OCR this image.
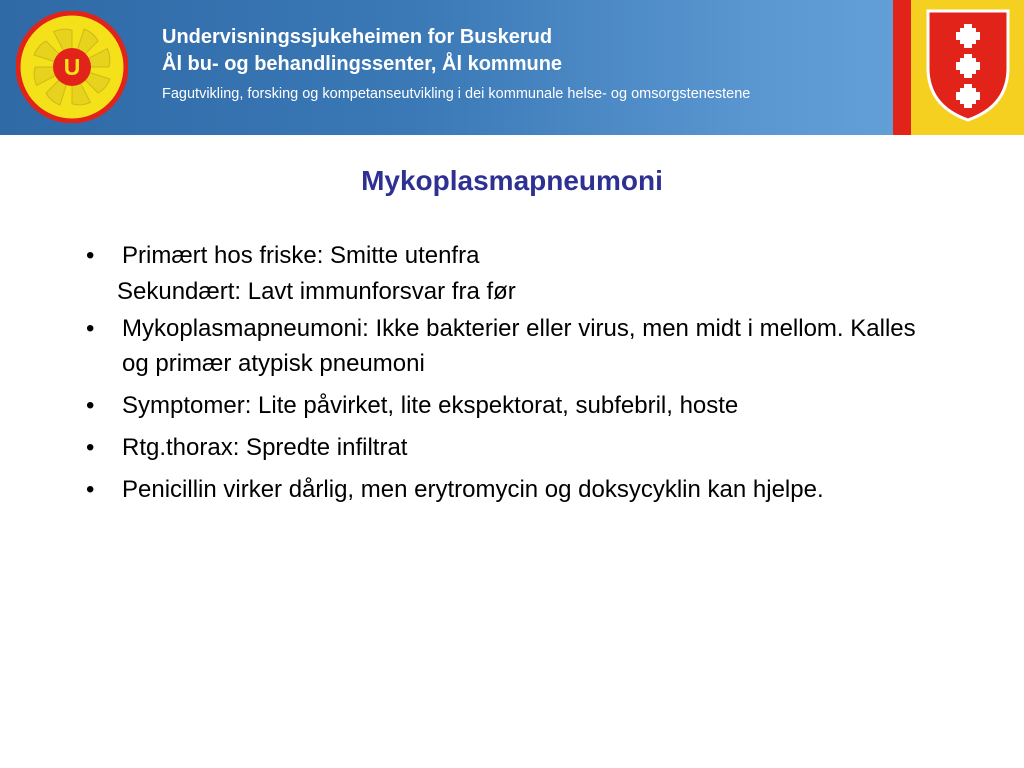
U
Undervisningssjukeheimen for Buskerud
Ål bu- og behandlingssenter, Ål kommune
Fagutvikling, forsking og kompetanseutvikling i dei kommunale helse- og omsorgstenestene
Mykoplasmapneumoni
• Primært hos friske: Smitte utenfra
Sekundært: Lavt immunforsvar fra før
• Mykoplasmapneumoni: Ikke bakterier eller virus, men midt i mellom. Kalles og primær atypisk pneumoni
• Symptomer: Lite påvirket, lite ekspektorat, subfebril, hoste
• Rtg.thorax: Spredte infiltrat
• Penicillin virker dårlig, men erytromycin og doksycyklin kan hjelpe.
